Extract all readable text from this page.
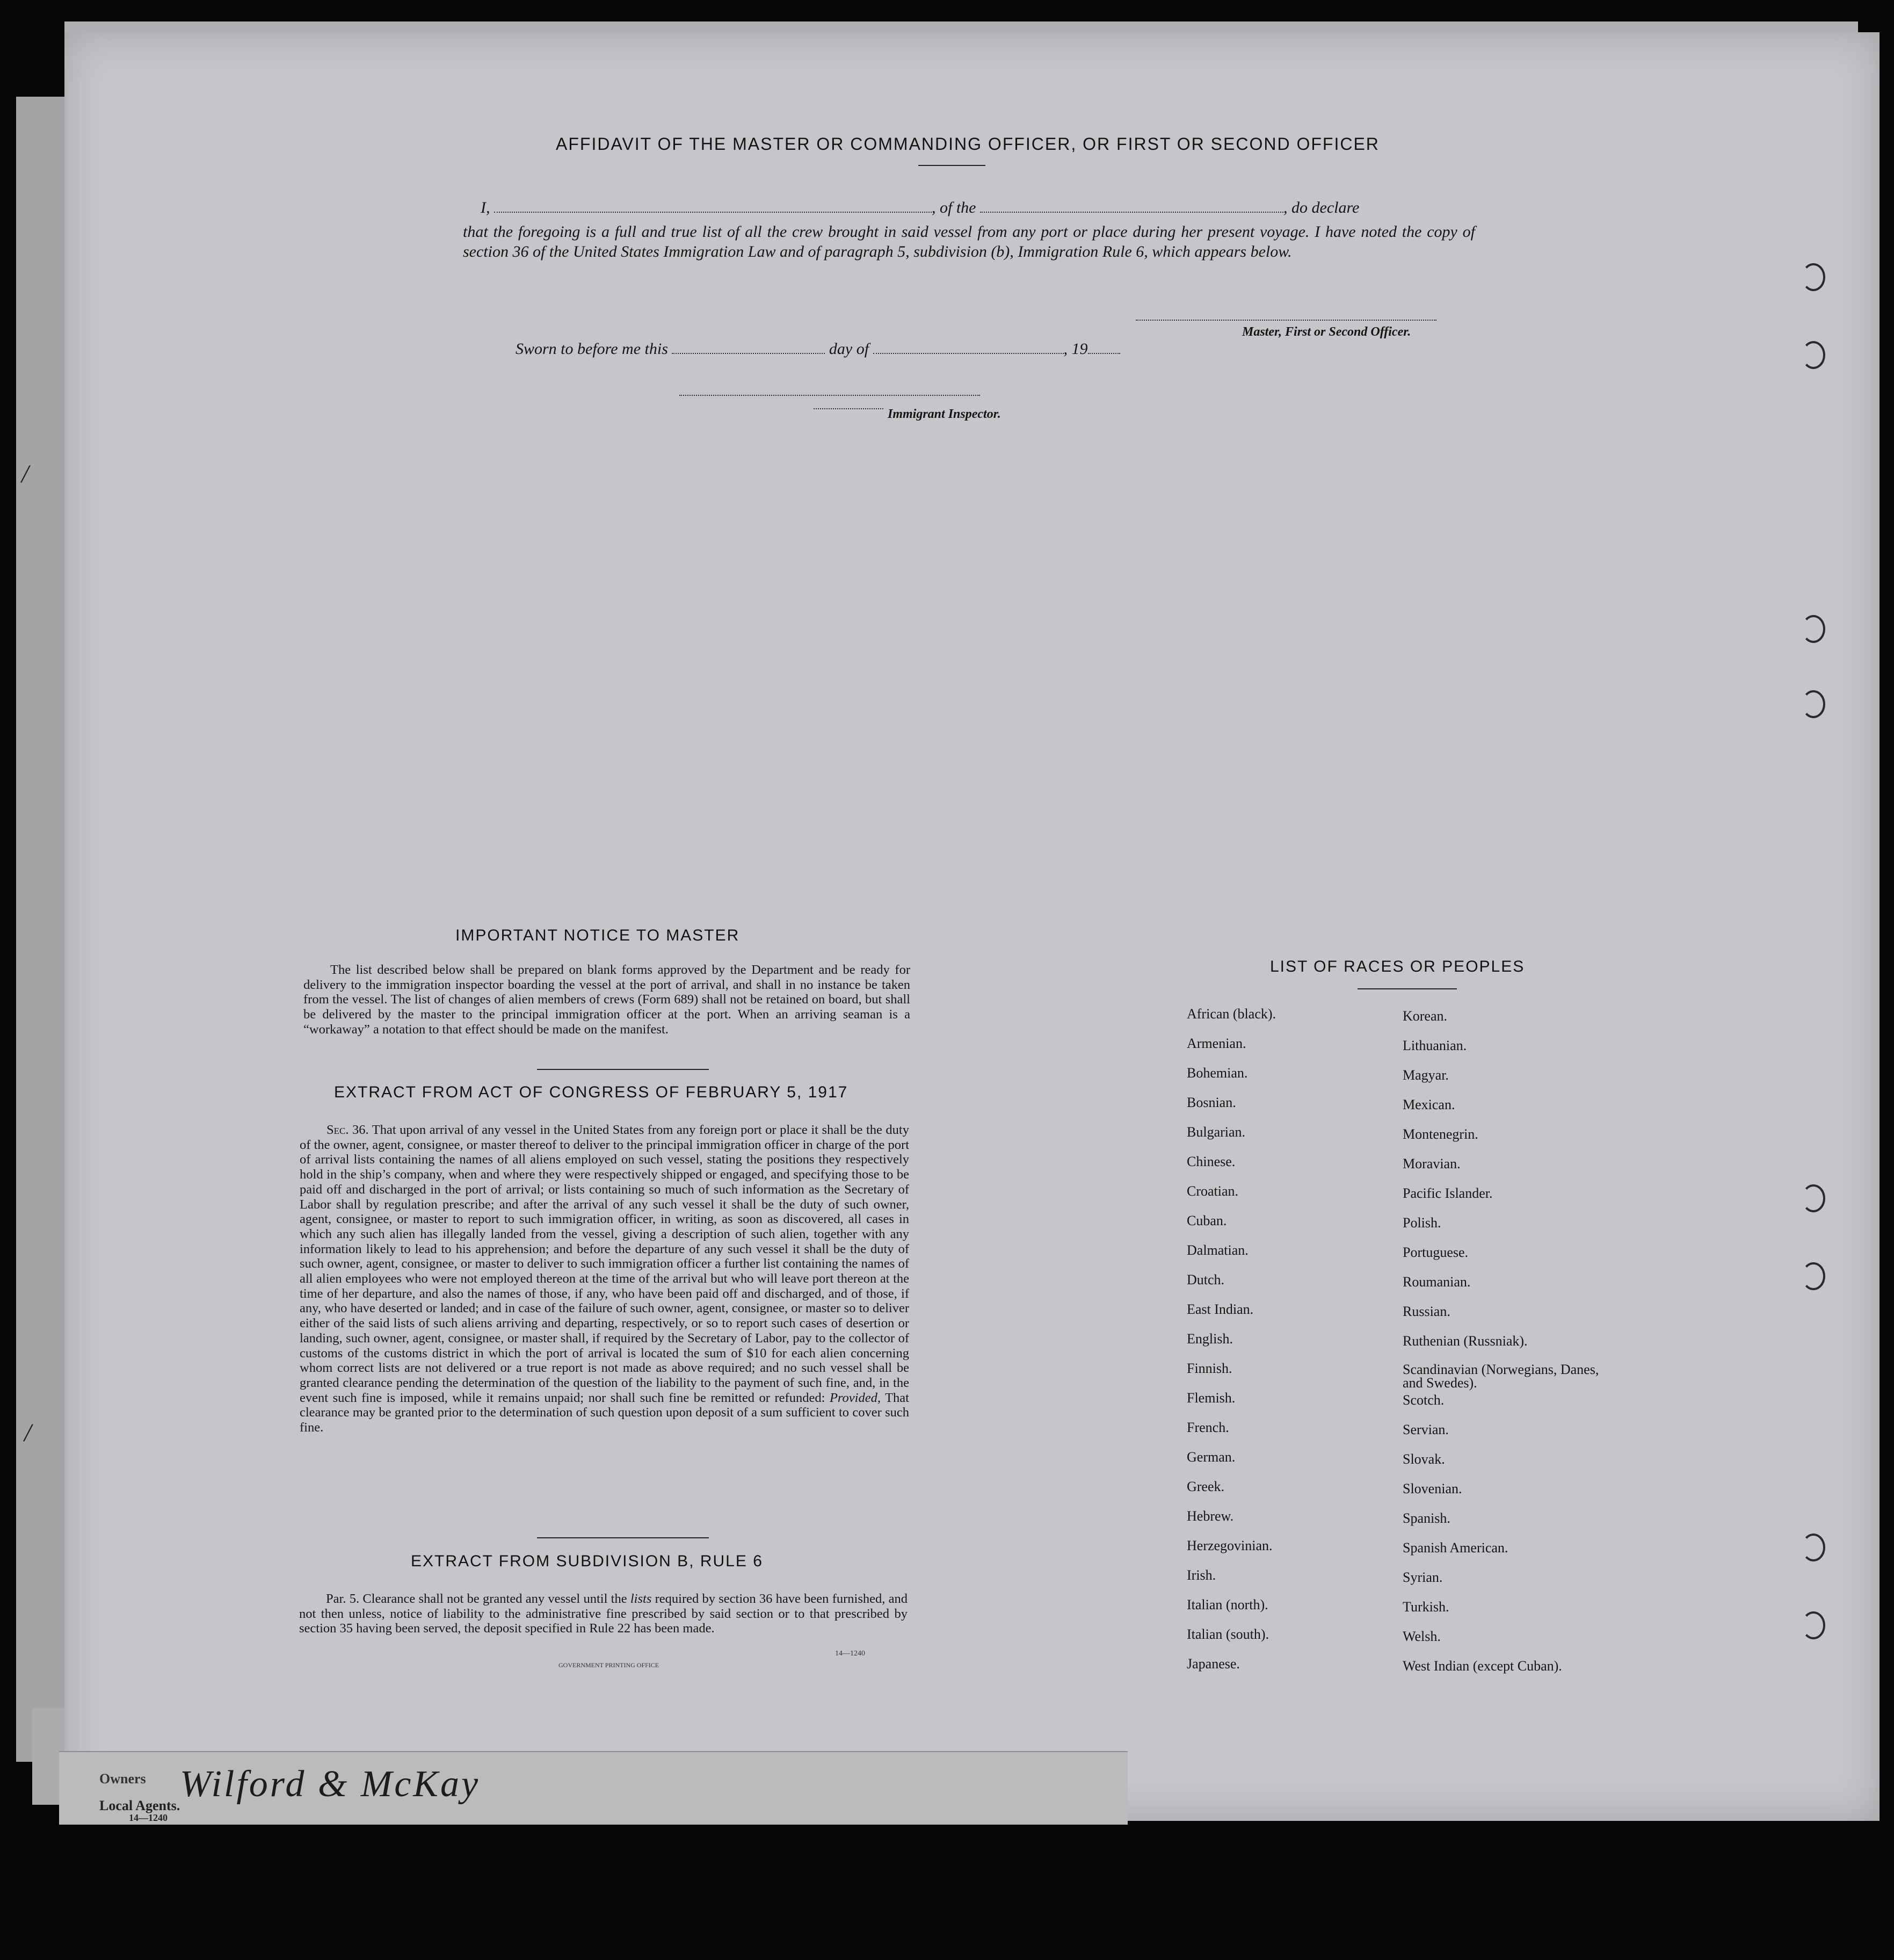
AFFIDAVIT OF THE MASTER OR COMMANDING OFFICER, OR FIRST OR SECOND OFFICER
I,	, of the	, do declare
that the foregoing is a full and true list of all the crew brought in said vessel from any port or place during her present voyage. I have noted the copy of section 36 of the United States Immigration Law and of paragraph 5, subdivision (b), Immigration Rule 6, which appears below.
Master, First or Second Officer.
Sworn to before me this	day of	, 19
Immigrant Inspector.
IMPORTANT NOTICE TO MASTER

The list described below shall be prepared on blank forms approved by the Department and be ready for delivery to the immigration inspector boarding the vessel at the port of arrival, and shall in no instance be taken from the vessel. The list of changes of alien members of crews (Form 689) shall not be retained on board, but shall be delivered by the master to the principal immigration officer at the port. When an arriving seaman is a “workaway” a notation to that effect should be made on the manifest.

EXTRACT FROM ACT OF CONGRESS OF FEBRUARY 5, 1917

Sec. 36. That upon arrival of any vessel in the United States from any foreign port or place it shall be the duty of the owner, agent, consignee, or master thereof to deliver to the principal immigration officer in charge of the port of arrival lists containing the names of all aliens employed on such vessel, stating the positions they respectively hold in the ship’s company, when and where they were respectively shipped or engaged, and specifying those to be paid off and discharged in the port of arrival; or lists containing so much of such information as the Secretary of Labor shall by regulation prescribe; and after the arrival of any such vessel it shall be the duty of such owner, agent, consignee, or master to report to such immigration officer, in writing, as soon as discovered, all cases in which any such alien has illegally landed from the vessel, giving a description of such alien, together with any information likely to lead to his apprehension; and before the departure of any such vessel it shall be the duty of such owner, agent, consignee, or master to deliver to such immigration officer a further list containing the names of all alien employees who were not employed thereon at the time of the arrival but who will leave port thereon at the time of her departure, and also the names of those, if any, who have been paid off and discharged, and of those, if any, who have deserted or landed; and in case of the failure of such owner, agent, consignee, or master so to deliver either of the said lists of such aliens arriving and departing, respectively, or so to report such cases of desertion or landing, such owner, agent, consignee, or master shall, if required by the Secretary of Labor, pay to the collector of customs of the customs district in which the port of arrival is located the sum of $10 for each alien concerning whom correct lists are not delivered or a true report is not made as above required; and no such vessel shall be granted clearance pending the determination of the question of the liability to the payment of such fine, and, in the event such fine is imposed, while it remains unpaid; nor shall such fine be remitted or refunded: Provided, That clearance may be granted prior to the determination of such question upon deposit of a sum sufficient to cover such fine.

EXTRACT FROM SUBDIVISION B, RULE 6

Par. 5. Clearance shall not be granted any vessel until the lists required by section 36 have been furnished, and not then unless, notice of liability to the administrative fine prescribed by said section or to that prescribed by section 35 having been served, the deposit specified in Rule 22 has been made.

GOVERNMENT PRINTING OFFICE
14—1240
LIST OF RACES OR PEOPLES
African (black).
Armenian.
Bohemian.
Bosnian.
Bulgarian.
Chinese.
Croatian.
Cuban.
Dalmatian.
Dutch.
East Indian.
English.
Finnish.
Flemish.
French.
German.
Greek.
Hebrew.
Herzegovinian.
Irish.
Italian (north).
Italian (south).
Japanese.
Korean.
Lithuanian.
Magyar.
Mexican.
Montenegrin.
Moravian.
Pacific Islander.
Polish.
Portuguese.
Roumanian.
Russian.
Ruthenian (Russniak).
Scandinavian (Norwegians, Danes, and Swedes).
Scotch.
Servian.
Slovak.
Slovenian.
Spanish.
Spanish American.
Syrian.
Turkish.
Welsh.
West Indian (except Cuban).
Owners
Local Agents.
14—1240
Wilford & McKay
/
/
